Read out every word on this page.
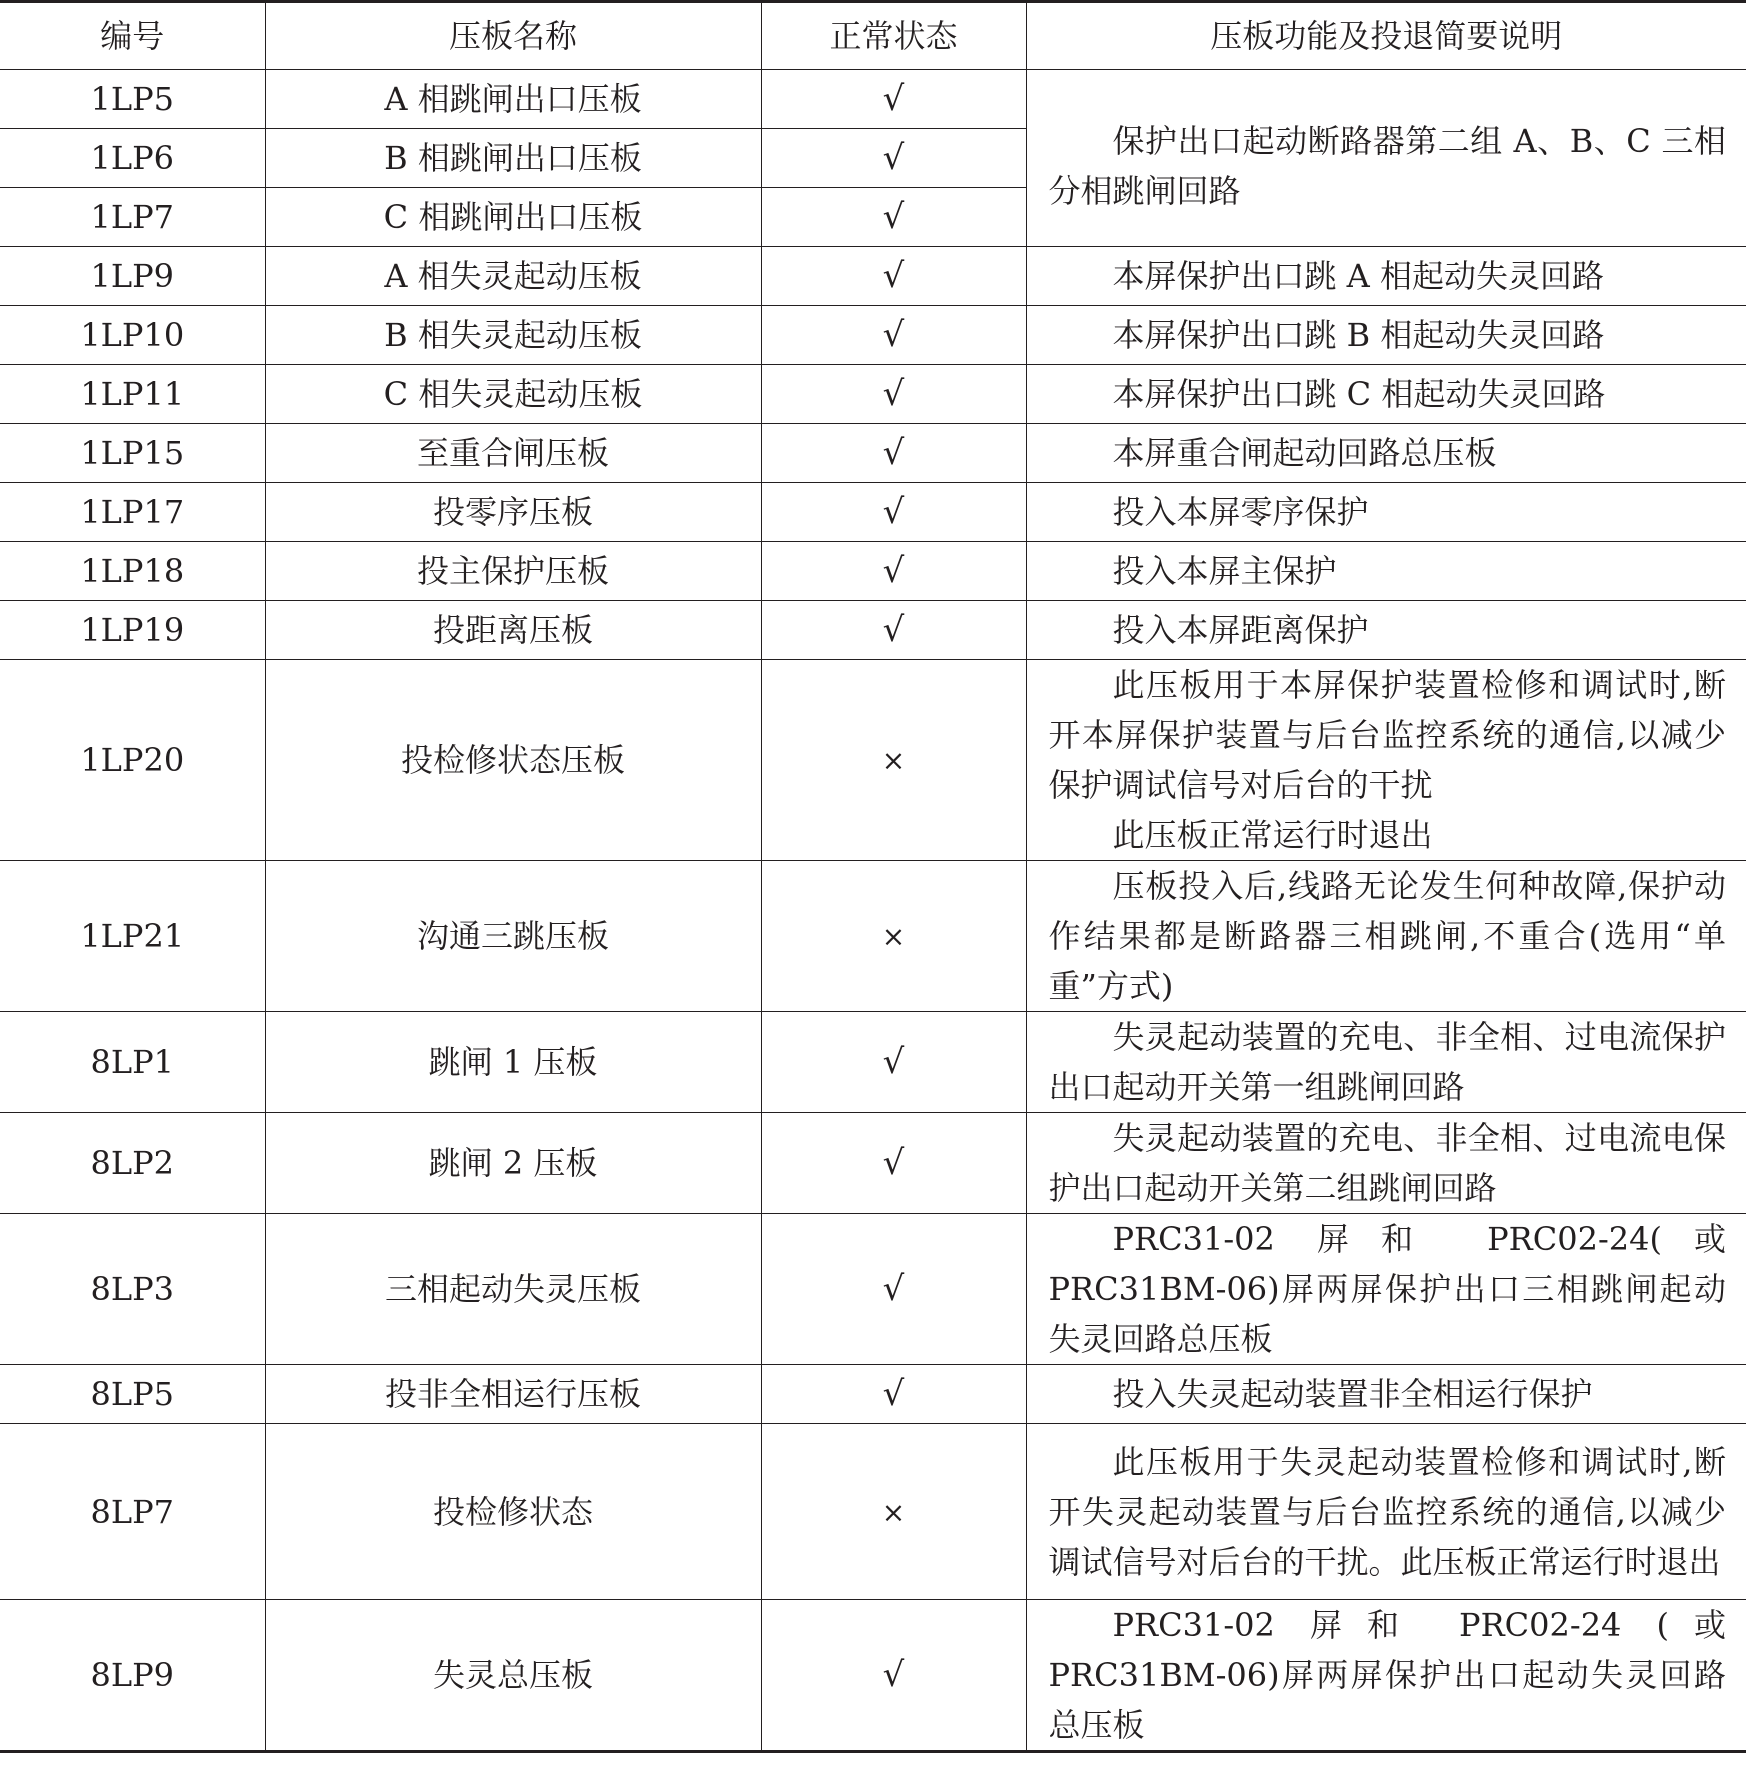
编号	压板名称	正常状态	压板功能及投退简要说明
1LP5	A 相跳闸出口压板	√	保护出口起动断路器第二组 A、B、C 三相分相跳闸回路

1LP6	B 相跳闸出口压板	√	
1LP7	C 相跳闸出口压板	√	
1LP9	A 相失灵起动压板	√	本屏保护出口跳 A 相起动失灵回路

1LP10	B 相失灵起动压板	√	本屏保护出口跳 B 相起动失灵回路

1LP11	C 相失灵起动压板	√	本屏保护出口跳 C 相起动失灵回路

1LP15	至重合闸压板	√	本屏重合闸起动回路总压板

1LP17	投零序压板	√	投入本屏零序保护

1LP18	投主保护压板	√	投入本屏主保护

1LP19	投距离压板	√	投入本屏距离保护

1LP20	投检修状态压板	×	此压板用于本屏保护装置检修和调试时,断开本屏保护装置与后台监控系统的通信,以减少保护调试信号对后台的干扰
此压板正常运行时退出

1LP21	沟通三跳压板	×	压板投入后,线路无论发生何种故障,保护动作结果都是断路器三相跳闸,不重合(选用“单重”方式)

8LP1	跳闸 1 压板	√	失灵起动装置的充电、非全相、过电流保护出口起动开关第一组跳闸回路

8LP2	跳闸 2 压板	√	失灵起动装置的充电、非全相、过电流电保护出口起动开关第二组跳闸回路

8LP3	三相起动失灵压板	√	PRC31-02 屏和 PRC02-24(或 PRC31BM-06)屏两屏保护出口三相跳闸起动失灵回路总压板

8LP5	投非全相运行压板	√	投入失灵起动装置非全相运行保护

8LP7	投检修状态	×	此压板用于失灵起动装置检修和调试时,断开失灵起动装置与后台监控系统的通信,以减少调试信号对后台的干扰。此压板正常运行时退出

8LP9	失灵总压板	√	PRC31-02 屏和 PRC02-24 (或 PRC31BM-06)屏两屏保护出口起动失灵回路总压板
